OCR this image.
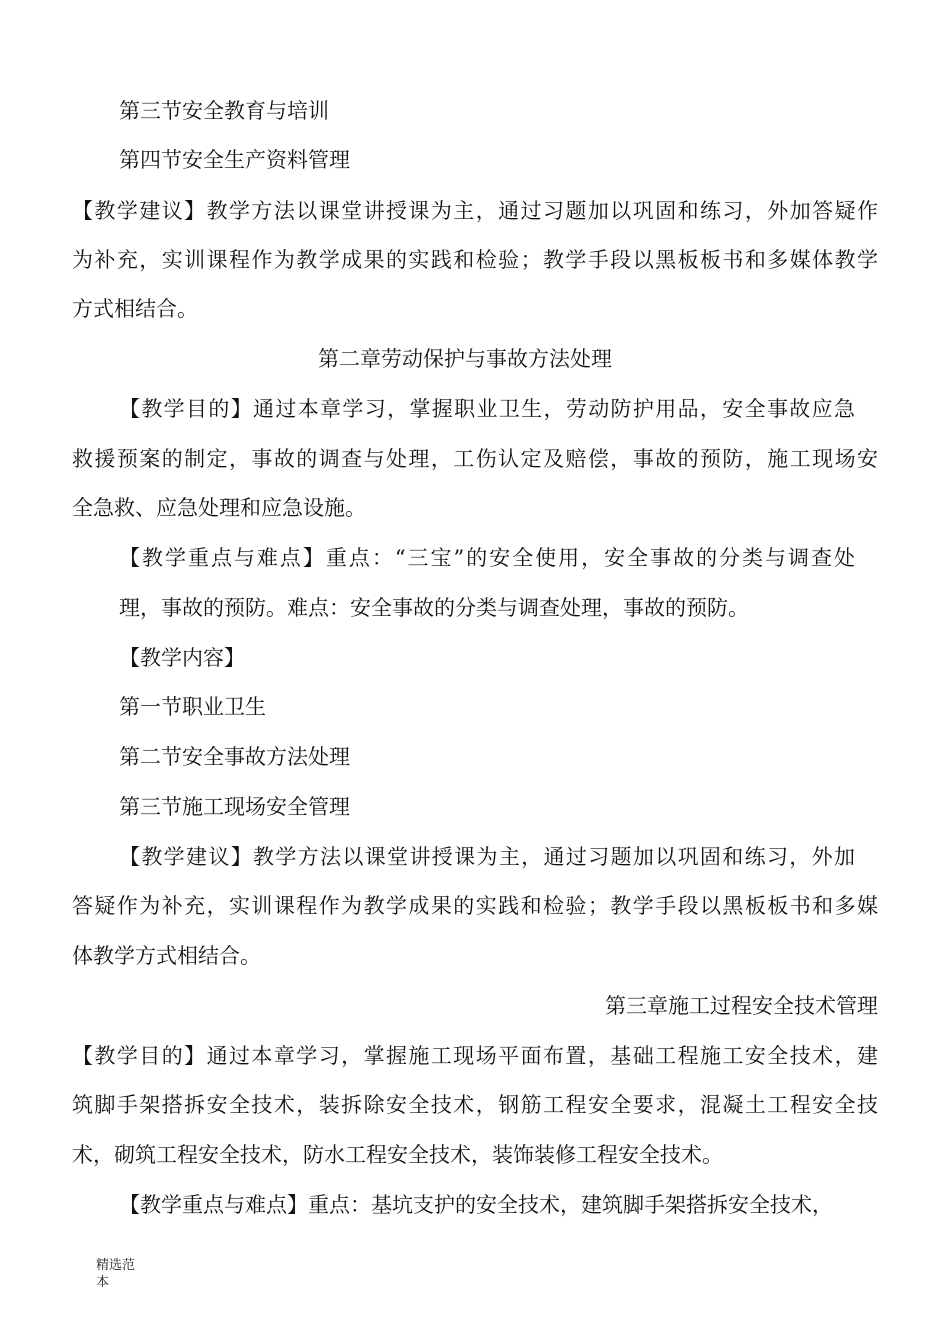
第三节安全教育与培训
第四节安全生产资料管理
【教学建议】教学方法以课堂讲授课为主，通过习题加以巩固和练习，外加答疑作
为补充，实训课程作为教学成果的实践和检验；教学手段以黑板板书和多媒体教学
方式相结合。
第二章劳动保护与事故方法处理
【教学目的】通过本章学习，掌握职业卫生，劳动防护用品，安全事故应急
救援预案的制定，事故的调查与处理，工伤认定及赔偿，事故的预防，施工现场安
全急救、应急处理和应急设施。
【教学重点与难点】重点：“三宝”的安全使用，安全事故的分类与调查处
理，事故的预防。难点：安全事故的分类与调查处理，事故的预防。
【教学内容】
第一节职业卫生
第二节安全事故方法处理
第三节施工现场安全管理
【教学建议】教学方法以课堂讲授课为主，通过习题加以巩固和练习，外加
答疑作为补充，实训课程作为教学成果的实践和检验；教学手段以黑板板书和多媒
体教学方式相结合。
第三章施工过程安全技术管理
【教学目的】通过本章学习，掌握施工现场平面布置，基础工程施工安全技术，建
筑脚手架搭拆安全技术，装拆除安全技术，钢筋工程安全要求，混凝土工程安全技
术，砌筑工程安全技术，防水工程安全技术，装饰装修工程安全技术。
【教学重点与难点】重点：基坑支护的安全技术，建筑脚手架搭拆安全技术，
精选范
本
